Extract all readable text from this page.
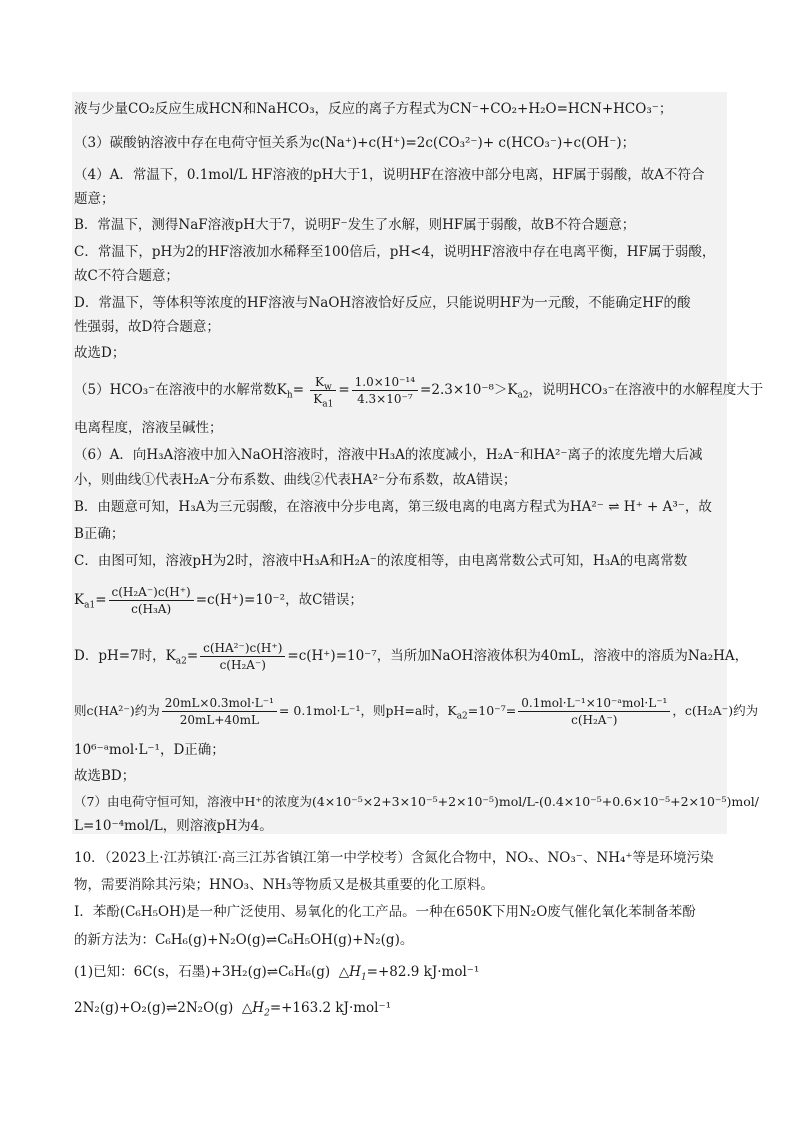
液与少量CO₂反应生成HCN和NaHCO₃，反应的离子方程式为CN⁻+CO₂+H₂O=HCN+HCO₃⁻；
（3）碳酸钠溶液中存在电荷守恒关系为c(Na⁺)+c(H⁺)=2c(CO₃²⁻)+ c(HCO₃⁻)+c(OH⁻)；
（4）A．常温下，0.1mol/L HF溶液的pH大于1，说明HF在溶液中部分电离，HF属于弱酸，故A不符合
题意；
B．常温下，测得NaF溶液pH大于7，说明F⁻发生了水解，则HF属于弱酸，故B不符合题意；
C．常温下，pH为2的HF溶液加水稀释至100倍后，pH<4，说明HF溶液中存在电离平衡，HF属于弱酸，
故C不符合题意；
D．常温下，等体积等浓度的HF溶液与NaOH溶液恰好反应，只能说明HF为一元酸，不能确定HF的酸
性强弱，故D符合题意；
故选D；
（5）HCO₃⁻在溶液中的水解常数$K_h= \frac{K_w}{K_{a1}} = \frac{\text{1.0×10⁻¹⁴}}{\text{4.3×10⁻⁷}} =2.3\times 10^{-8}>K_{a2}$，说明HCO₃⁻在溶液中的水解程度大于
电离程度，溶液呈碱性；
（6）A．向H₃A溶液中加入NaOH溶液时，溶液中H₃A的浓度减小，H₂A⁻和HA²⁻离子的浓度先增大后减
小，则曲线①代表H₂A⁻分布系数、曲线②代表HA²⁻分布系数，故A错误；
B．由题意可知，H₃A为三元弱酸，在溶液中分步电离，第三级电离的电离方程式为HA²⁻ ⇌ H⁺ + A³⁻，故
B正确；
C．由图可知，溶液pH为2时，溶液中H₃A和H₂A⁻的浓度相等，由电离常数公式可知，H₃A的电离常数
$K_{a1}= \frac{\text{c(H₂A⁻)c(H⁺)}}{\text{c(H₃A)}} =c(H^+)=10^{-2}$，故C错误；
D．pH=7时，$K_{a2}= \frac{\text{c(HA²⁻)c(H⁺)}}{\text{c(H₂A⁻)}} =c(H^+)=10^{-7}$，当所加NaOH溶液体积为40mL，溶液中的溶质为Na₂HA，
则c(HA²⁻)约为 $\frac{\text{20mL×0.3mol·L⁻¹}}{20mL+40mL} = 0.1mol\cdot L^{-1}$，则pH=a时，$K_{a2}=10^{-7}= \frac{\text{0.1mol·L⁻¹×10⁻ᵃmol·L⁻¹}}{\text{c(H₂A⁻)}}$ ，c(H₂A⁻)约为
10⁶⁻ᵃmol·L⁻¹，D正确；
故选BD；
（7）由电荷守恒可知，溶液中H⁺的浓度为(4×10⁻⁵×2+3×10⁻⁵+2×10⁻⁵)mol/L-(0.4×10⁻⁵+0.6×10⁻⁵+2×10⁻⁵)mol/
L=10⁻⁴mol/L，则溶液pH为4。
10．（2023上·江苏镇江·高三江苏省镇江第一中学校考）含氮化合物中，NOₓ、NO₃⁻、NH₄⁺等是环境污染
物，需要消除其污染；HNO₃、NH₃等物质又是极其重要的化工原料。
Ⅰ．苯酚(C₆H₅OH)是一种广泛使用、易氧化的化工产品。一种在650K下用N₂O废气催化氧化苯制备苯酚
的新方法为：C₆H₆(g)+N₂O(g)⇌C₆H₅OH(g)+N₂(g)。
(1)已知：6C(s，石墨)+3H₂(g)⇌C₆H₆(g) $\triangle H_1=+82.9$ kJ·mol⁻¹
2N₂(g)+O₂(g)⇌2N₂O(g) $\triangle H_2=+163.2$ kJ·mol⁻¹
